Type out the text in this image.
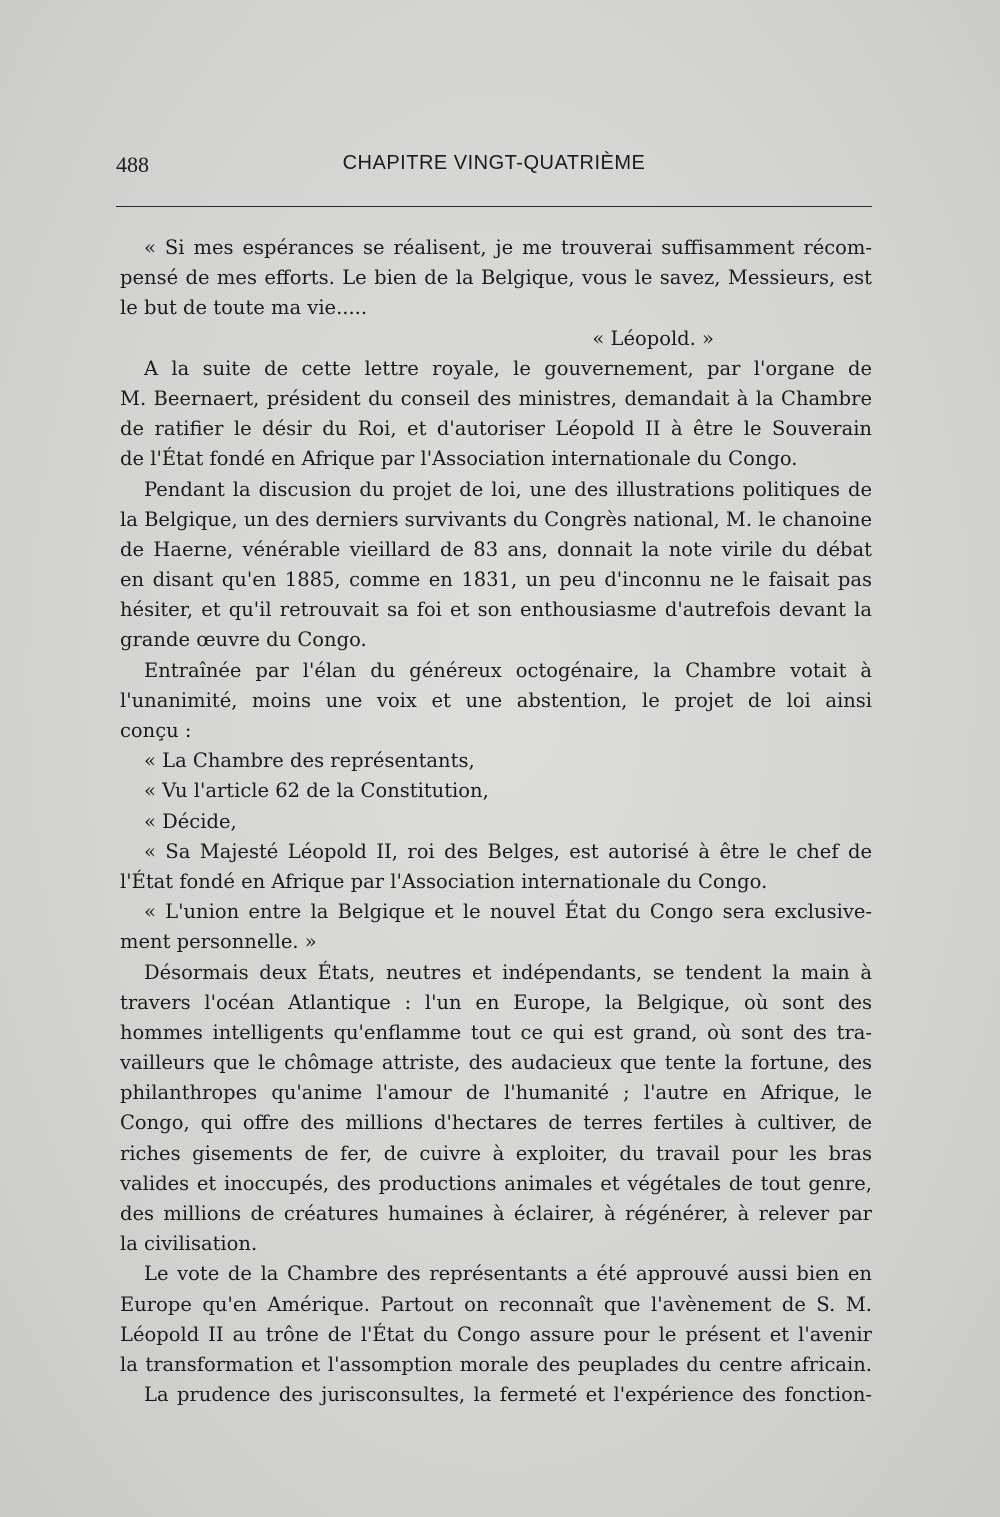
488	CHAPITRE VINGT-QUATRIÈME
« Si mes espérances se réalisent, je me trouverai suffisamment récom-
pensé de mes efforts. Le bien de la Belgique, vous le savez, Messieurs, est
le but de toute ma vie.....
« Léopold. »
A la suite de cette lettre royale, le gouvernement, par l'organe de
M. Beernaert, président du conseil des ministres, demandait à la Chambre
de ratifier le désir du Roi, et d'autoriser Léopold II à être le Souverain
de l'État fondé en Afrique par l'Association internationale du Congo.
Pendant la discusion du projet de loi, une des illustrations politiques de
la Belgique, un des derniers survivants du Congrès national, M. le chanoine
de Haerne, vénérable vieillard de 83 ans, donnait la note virile du débat
en disant qu'en 1885, comme en 1831, un peu d'inconnu ne le faisait pas
hésiter, et qu'il retrouvait sa foi et son enthousiasme d'autrefois devant la
grande œuvre du Congo.
Entraînée par l'élan du généreux octogénaire, la Chambre votait à
l'unanimité, moins une voix et une abstention, le projet de loi ainsi
conçu :
« La Chambre des représentants,
« Vu l'article 62 de la Constitution,
« Décide,
« Sa Majesté Léopold II, roi des Belges, est autorisé à être le chef de
l'État fondé en Afrique par l'Association internationale du Congo.
« L'union entre la Belgique et le nouvel État du Congo sera exclusive-
ment personnelle. »
Désormais deux États, neutres et indépendants, se tendent la main à
travers l'océan Atlantique : l'un en Europe, la Belgique, où sont des
hommes intelligents qu'enflamme tout ce qui est grand, où sont des tra-
vailleurs que le chômage attriste, des audacieux que tente la fortune, des
philanthropes qu'anime l'amour de l'humanité ; l'autre en Afrique, le
Congo, qui offre des millions d'hectares de terres fertiles à cultiver, de
riches gisements de fer, de cuivre à exploiter, du travail pour les bras
valides et inoccupés, des productions animales et végétales de tout genre,
des millions de créatures humaines à éclairer, à régénérer, à relever par
la civilisation.
Le vote de la Chambre des représentants a été approuvé aussi bien en
Europe qu'en Amérique. Partout on reconnaît que l'avènement de S. M.
Léopold II au trône de l'État du Congo assure pour le présent et l'avenir
la transformation et l'assomption morale des peuplades du centre africain.
La prudence des jurisconsultes, la fermeté et l'expérience des fonction-
